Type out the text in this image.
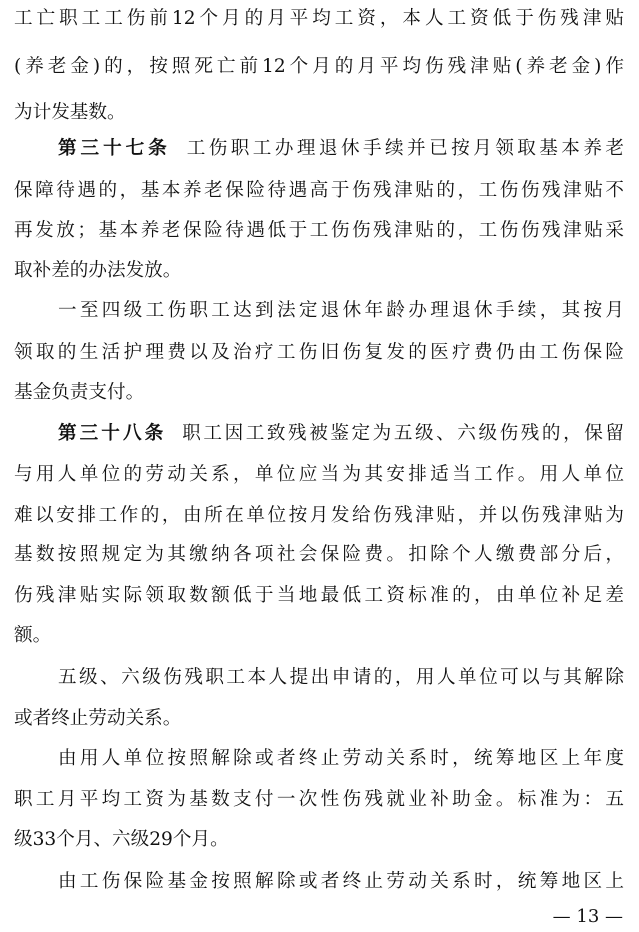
工亡职工工伤前12个月的月平均工资，本人工资低于伤残津贴
(养老金)的，按照死亡前12个月的月平均伤残津贴(养老金)作
为计发基数。
第三十七条 工伤职工办理退休手续并已按月领取基本养老
保障待遇的，基本养老保险待遇高于伤残津贴的，工伤伤残津贴不
再发放；基本养老保险待遇低于工伤伤残津贴的，工伤伤残津贴采
取补差的办法发放。
一至四级工伤职工达到法定退休年龄办理退休手续，其按月
领取的生活护理费以及治疗工伤旧伤复发的医疗费仍由工伤保险
基金负责支付。
第三十八条 职工因工致残被鉴定为五级、六级伤残的，保留
与用人单位的劳动关系，单位应当为其安排适当工作。用人单位
难以安排工作的，由所在单位按月发给伤残津贴，并以伤残津贴为
基数按照规定为其缴纳各项社会保险费。扣除个人缴费部分后，
伤残津贴实际领取数额低于当地最低工资标准的，由单位补足差
额。
五级、六级伤残职工本人提出申请的，用人单位可以与其解除
或者终止劳动关系。
由用人单位按照解除或者终止劳动关系时，统筹地区上年度
职工月平均工资为基数支付一次性伤残就业补助金。标准为：五
级33个月、六级29个月。
由工伤保险基金按照解除或者终止劳动关系时，统筹地区上
— 13 —
